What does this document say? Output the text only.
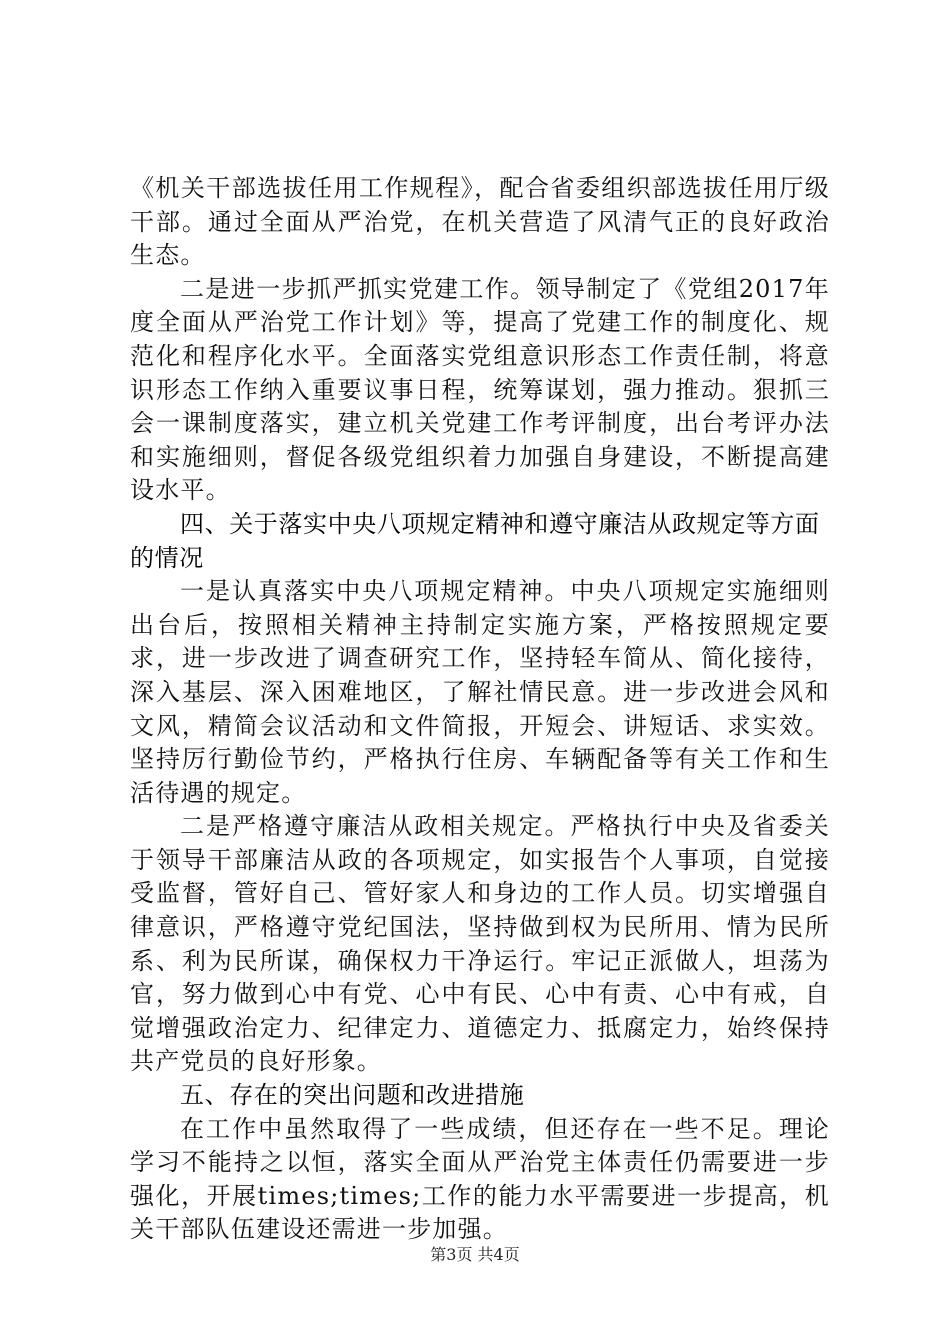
《机关干部选拔任用工作规程》，配合省委组织部选拔任用厅级干部。通过全面从严治党，在机关营造了风清气正的良好政治生态。

二是进一步抓严抓实党建工作。领导制定了《党组2017年度全面从严治党工作计划》等，提高了党建工作的制度化、规范化和程序化水平。全面落实党组意识形态工作责任制，将意识形态工作纳入重要议事日程，统筹谋划，强力推动。狠抓三会一课制度落实，建立机关党建工作考评制度，出台考评办法和实施细则，督促各级党组织着力加强自身建设，不断提高建设水平。

四、关于落实中央八项规定精神和遵守廉洁从政规定等方面的情况

一是认真落实中央八项规定精神。中央八项规定实施细则出台后，按照相关精神主持制定实施方案，严格按照规定要求，进一步改进了调查研究工作，坚持轻车简从、简化接待，深入基层、深入困难地区，了解社情民意。进一步改进会风和文风，精简会议活动和文件简报，开短会、讲短话、求实效。坚持厉行勤俭节约，严格执行住房、车辆配备等有关工作和生活待遇的规定。

二是严格遵守廉洁从政相关规定。严格执行中央及省委关于领导干部廉洁从政的各项规定，如实报告个人事项，自觉接受监督，管好自己、管好家人和身边的工作人员。切实增强自律意识，严格遵守党纪国法，坚持做到权为民所用、情为民所系、利为民所谋，确保权力干净运行。牢记正派做人，坦荡为官，努力做到心中有党、心中有民、心中有责、心中有戒，自觉增强政治定力、纪律定力、道德定力、抵腐定力，始终保持共产党员的良好形象。

五、存在的突出问题和改进措施

在工作中虽然取得了一些成绩，但还存在一些不足。理论学习不能持之以恒，落实全面从严治党主体责任仍需要进一步强化，开展times;times;工作的能力水平需要进一步提高，机关干部队伍建设还需进一步加强。

第3页 共4页
